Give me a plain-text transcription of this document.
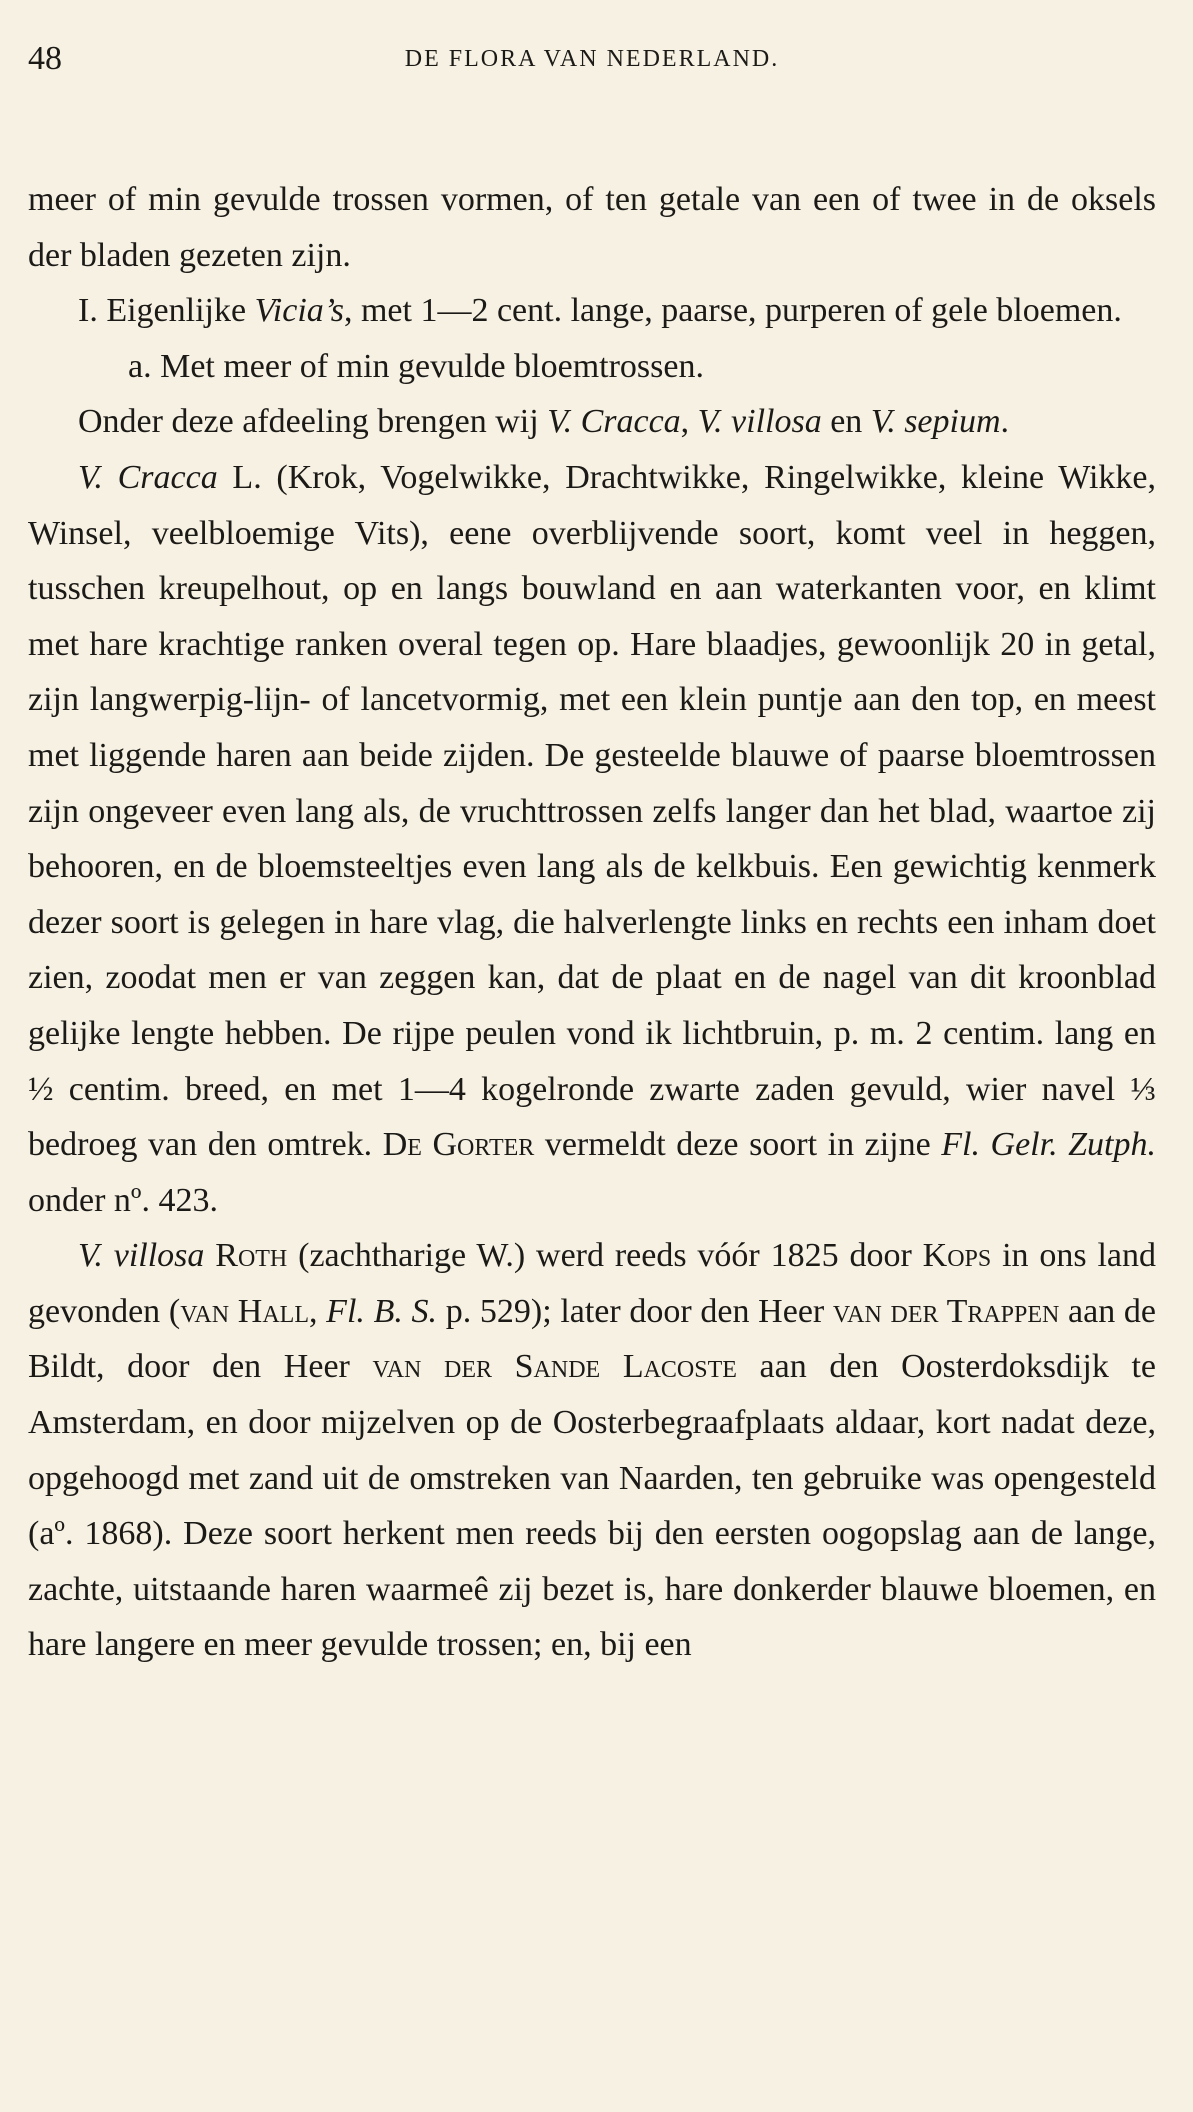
48	DE FLORA VAN NEDERLAND.

meer of min gevulde trossen vormen, of ten getale van een of twee in de oksels der bladen gezeten zijn.

I. Eigenlijke Vicia’s, met 1—2 cent. lange, paarse, purperen of gele bloemen.

a. Met meer of min gevulde bloemtrossen.

Onder deze afdeeling brengen wij V. Cracca, V. villosa en V. sepium.

V. Cracca L. (Krok, Vogelwikke, Drachtwikke, Ringelwikke, kleine Wikke, Winsel, veelbloemige Vits), eene overblijvende soort, komt veel in heggen, tusschen kreupelhout, op en langs bouwland en aan waterkanten voor, en klimt met hare krachtige ranken overal tegen op. Hare blaadjes, gewoonlijk 20 in getal, zijn langwerpig-lijn- of lancetvormig, met een klein puntje aan den top, en meest met liggende haren aan beide zijden. De gesteelde blauwe of paarse bloemtrossen zijn ongeveer even lang als, de vruchttrossen zelfs langer dan het blad, waartoe zij behooren, en de bloemsteeltjes even lang als de kelkbuis. Een gewichtig kenmerk dezer soort is gelegen in hare vlag, die halverlengte links en rechts een inham doet zien, zoodat men er van zeggen kan, dat de plaat en de nagel van dit kroonblad gelijke lengte hebben. De rijpe peulen vond ik lichtbruin, p. m. 2 centim. lang en ½ centim. breed, en met 1—4 kogelronde zwarte zaden gevuld, wier navel ⅓ bedroeg van den omtrek. De Gorter vermeldt deze soort in zijne Fl. Gelr. Zutph. onder nº. 423.

V. villosa Roth (zachtharige W.) werd reeds vóór 1825 door Kops in ons land gevonden (van Hall, Fl. B. S. p. 529); later door den Heer van der Trappen aan de Bildt, door den Heer van der Sande Lacoste aan den Oosterdoksdijk te Amsterdam, en door mijzelven op de Oosterbegraafplaats aldaar, kort nadat deze, opgehoogd met zand uit de omstreken van Naarden, ten gebruike was opengesteld (aº. 1868). Deze soort herkent men reeds bij den eersten oogopslag aan de lange, zachte, uitstaande haren waarmeê zij bezet is, hare donkerder blauwe bloemen, en hare langere en meer gevulde trossen; en, bij een
